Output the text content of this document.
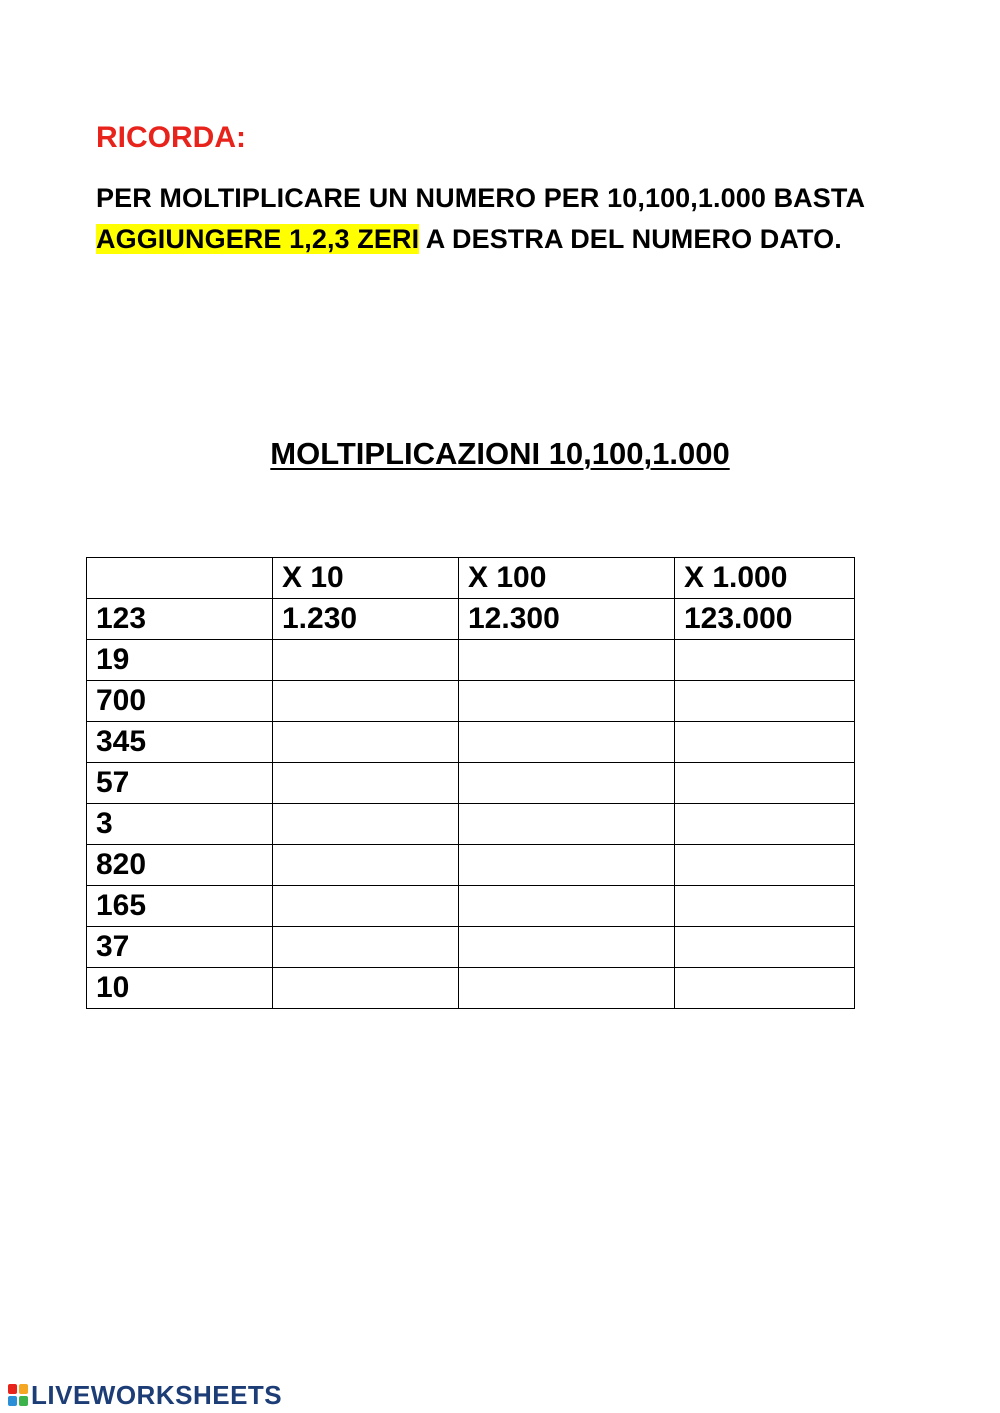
RICORDA:

PER MOLTIPLICARE UN NUMERO PER 10,100,1.000 BASTA AGGIUNGERE 1,2,3 ZERI A DESTRA DEL NUMERO DATO.

MOLTIPLICAZIONI 10,100,1.000
	X 10	X 100	X 1.000
123	1.230	12.300	123.000
19			
700			
345			
57			
3			
820			
165			
37			
10			
LIVEWORKSHEETS
